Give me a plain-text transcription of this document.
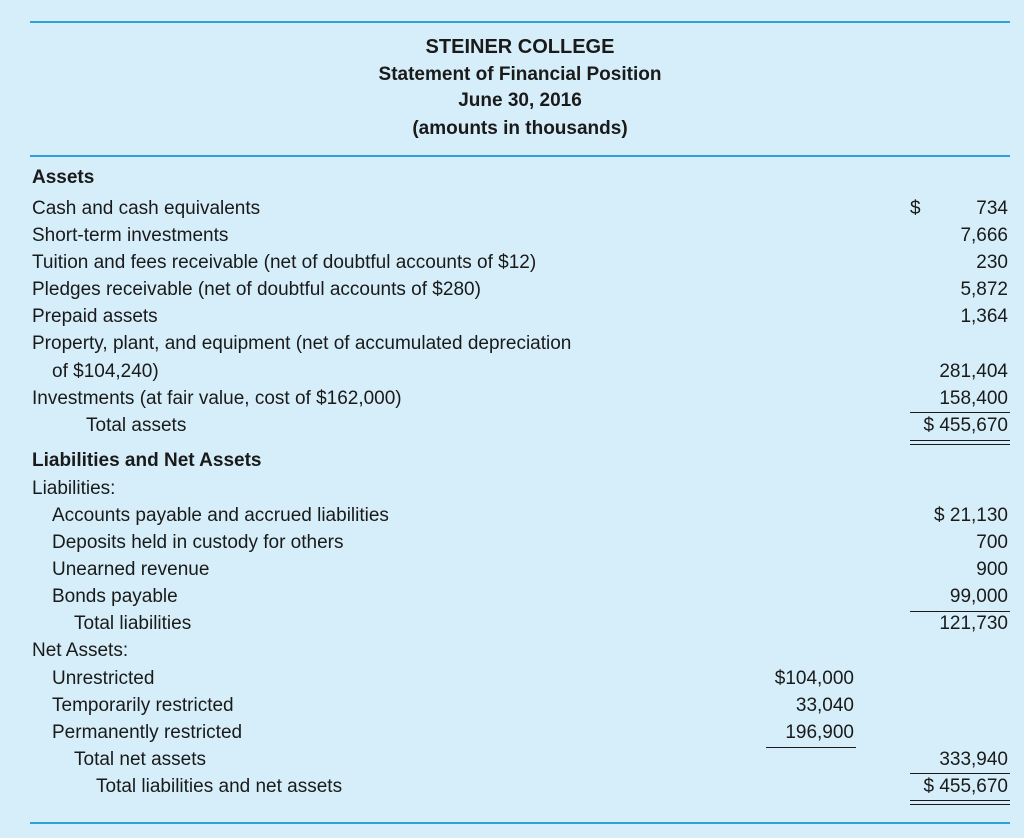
STEINER COLLEGE
Statement of Financial Position
June 30, 2016
(amounts in thousands)
Assets
Cash and cash equivalents	$	734
Short-term investments	7,666
Tuition and fees receivable (net of doubtful accounts of $12)	230
Pledges receivable (net of doubtful accounts of $280)	5,872
Prepaid assets	1,364
Property, plant, and equipment (net of accumulated depreciation
of $104,240)	281,404
Investments (at fair value, cost of $162,000)	158,400
Total assets	$ 455,670
Liabilities and Net Assets
Liabilities:
Accounts payable and accrued liabilities	$ 21,130
Deposits held in custody for others	700
Unearned revenue	900
Bonds payable	99,000
Total liabilities	121,730
Net Assets:
Unrestricted	$104,000
Temporarily restricted	33,040
Permanently restricted	196,900
Total net assets	333,940
Total liabilities and net assets	$ 455,670
